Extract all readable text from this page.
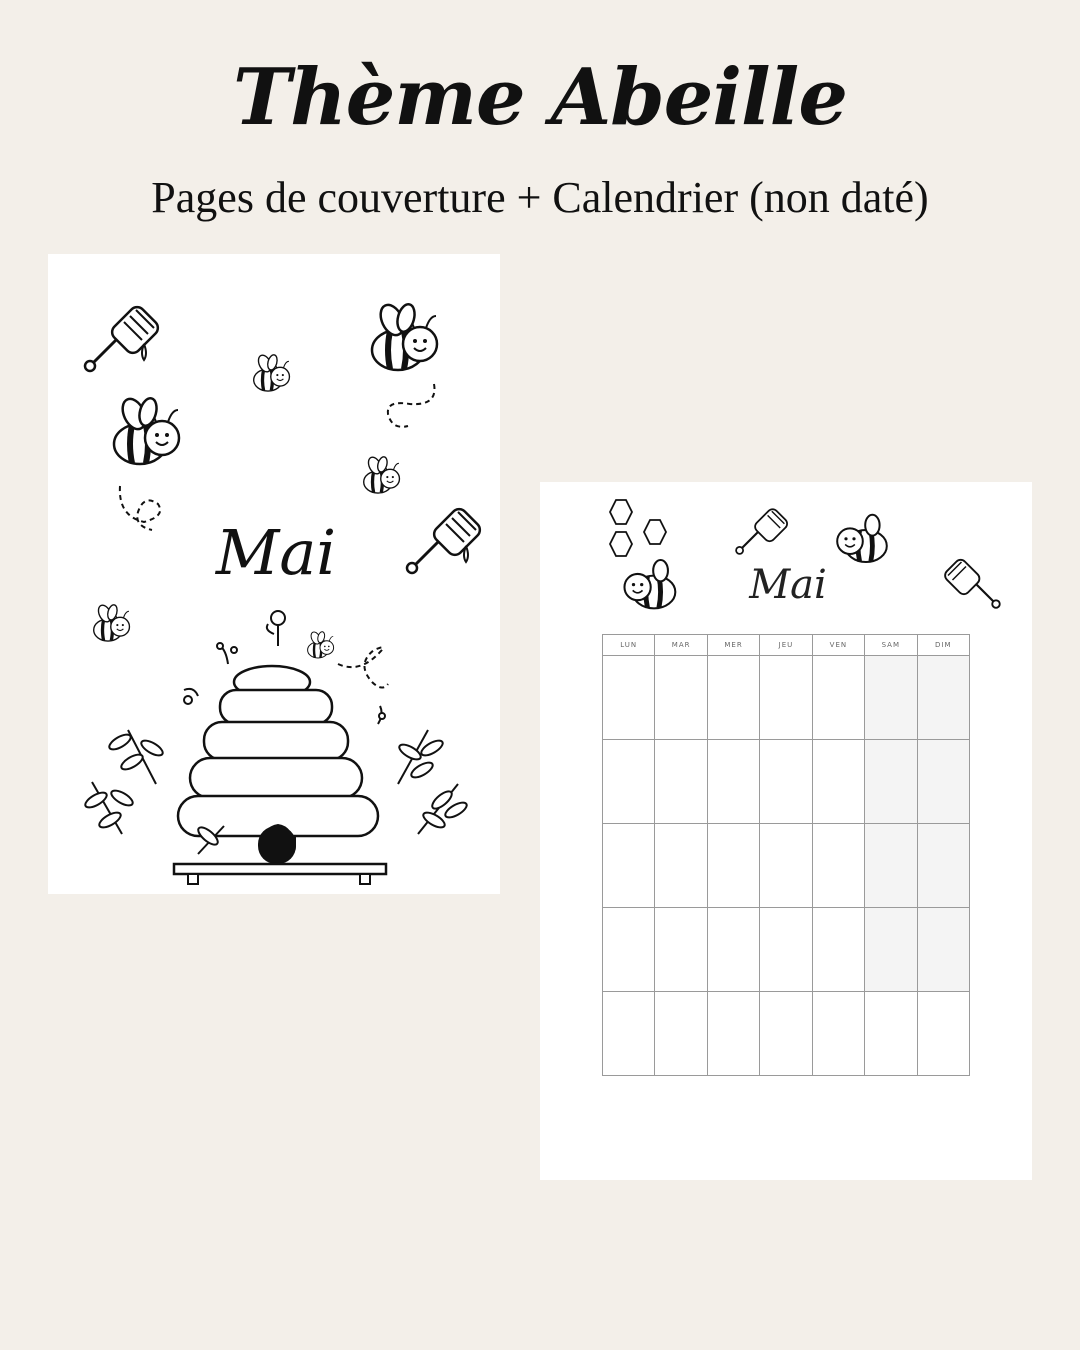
Thème Abeille
Pages de couverture + Calendrier (non daté)
Mai	Mai
LUN	MAR	MER	JEU	VEN	SAM	DIM
